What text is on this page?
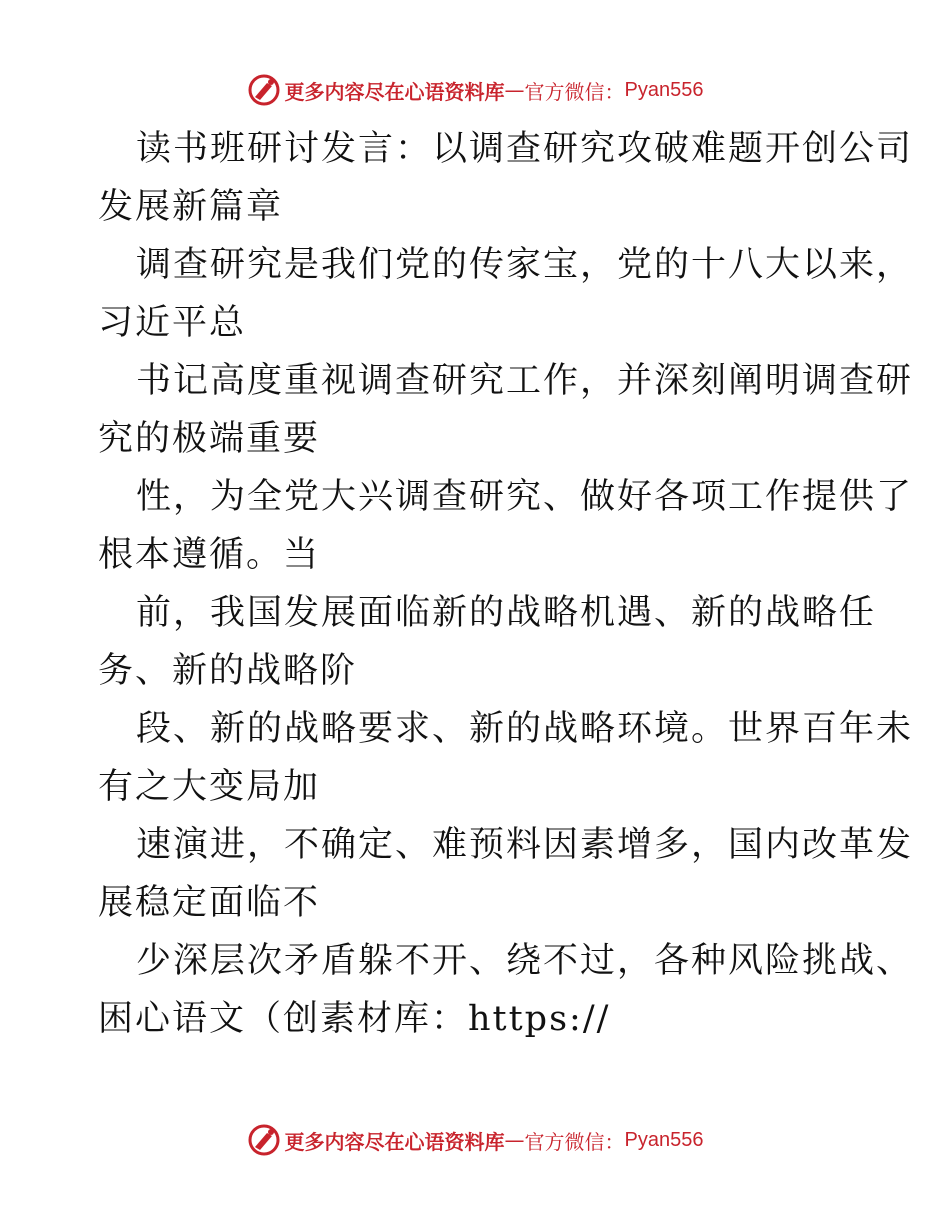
更多内容尽在心语资料库 — 官方微信： Pyan556

读书班研讨发言：以调查研究攻破难题开创公司
发展新篇章

调查研究是我们党的传家宝，党的十八大以来，
习近平总

书记高度重视调查研究工作，并深刻阐明调查研
究的极端重要

性，为全党大兴调查研究、做好各项工作提供了
根本遵循。当

前，我国发展面临新的战略机遇、新的战略任
务、新的战略阶

段、新的战略要求、新的战略环境。世界百年未
有之大变局加

速演进，不确定、难预料因素增多，国内改革发
展稳定面临不

少深层次矛盾躲不开、绕不过，各种风险挑战、
困心语文（创素材库：https://

更多内容尽在心语资料库 — 官方微信： Pyan556
